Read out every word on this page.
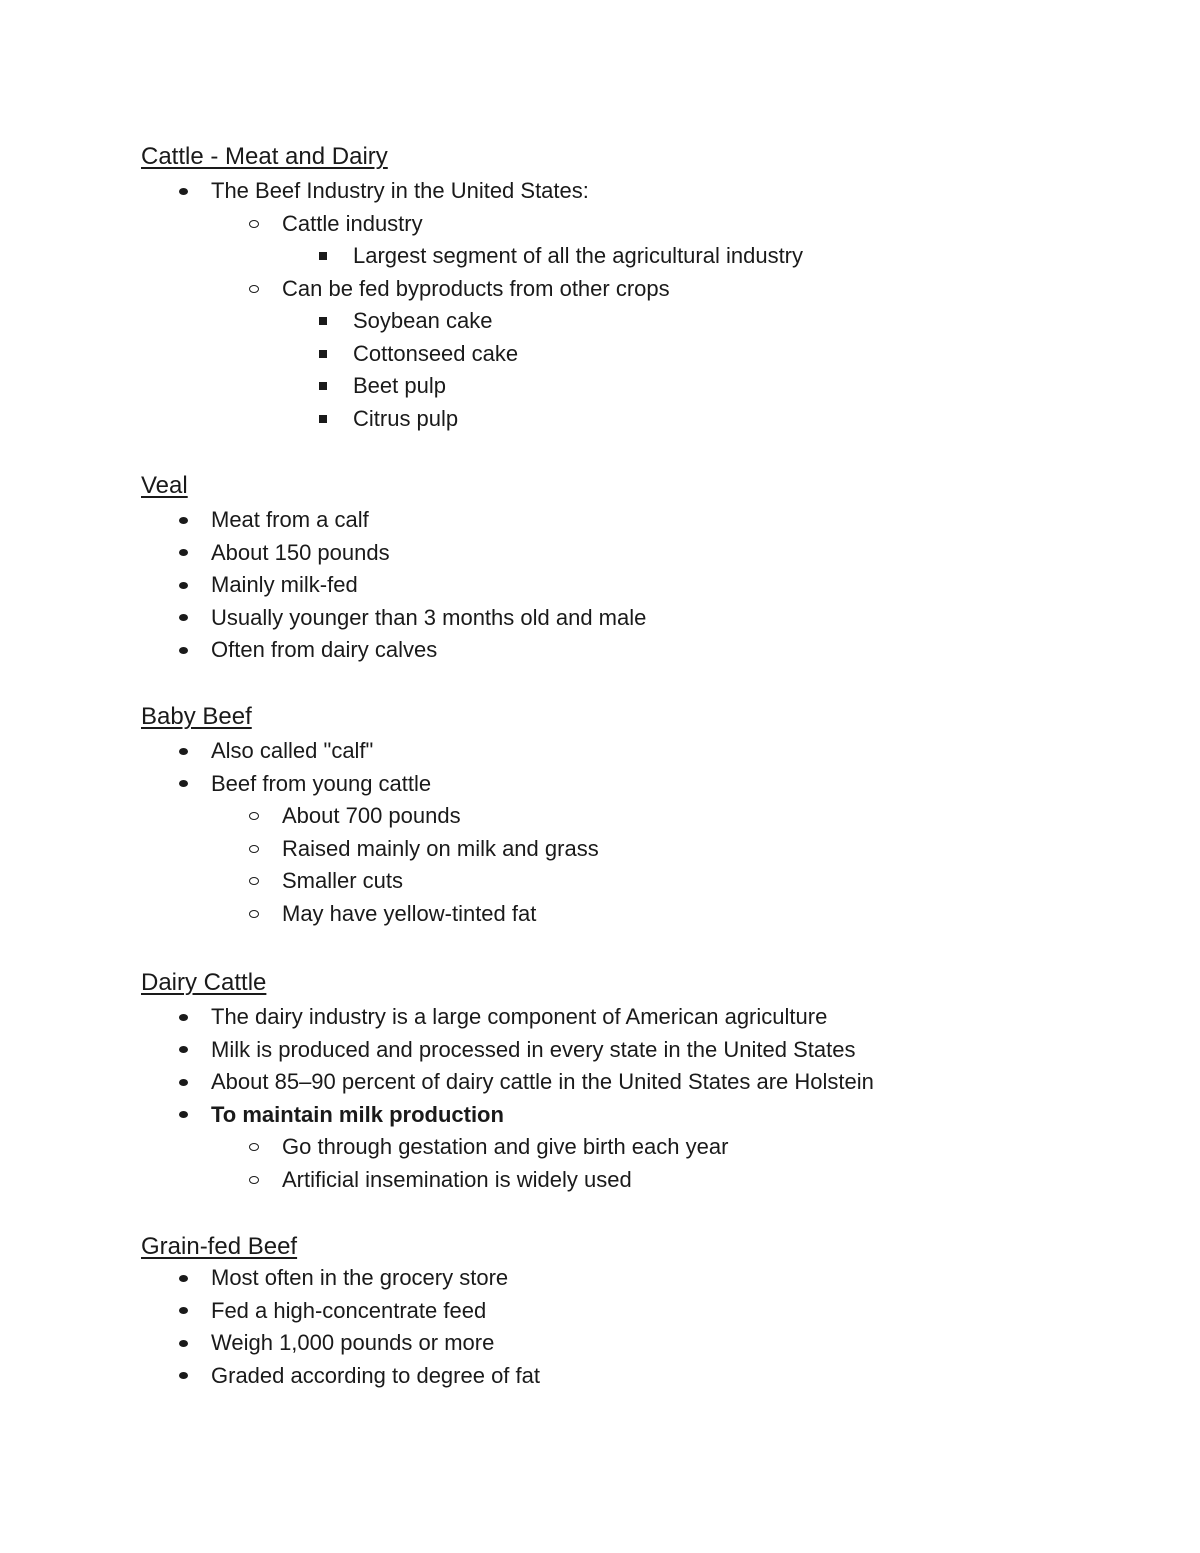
Cattle - Meat and Dairy
The Beef Industry in the United States:
Cattle industry
Largest segment of all the agricultural industry
Can be fed byproducts from other crops
Soybean cake
Cottonseed cake
Beet pulp
Citrus pulp
Veal
Meat from a calf
About 150 pounds
Mainly milk-fed
Usually younger than 3 months old and male
Often from dairy calves
Baby Beef
Also called "calf"
Beef from young cattle
About 700 pounds
Raised mainly on milk and grass
Smaller cuts
May have yellow-tinted fat
Dairy Cattle
The dairy industry is a large component of American agriculture
Milk is produced and processed in every state in the United States
About 85–90 percent of dairy cattle in the United States are Holstein
To maintain milk production
Go through gestation and give birth each year
Artificial insemination is widely used
Grain-fed Beef
Most often in the grocery store
Fed a high-concentrate feed
Weigh 1,000 pounds or more
Graded according to degree of fat
